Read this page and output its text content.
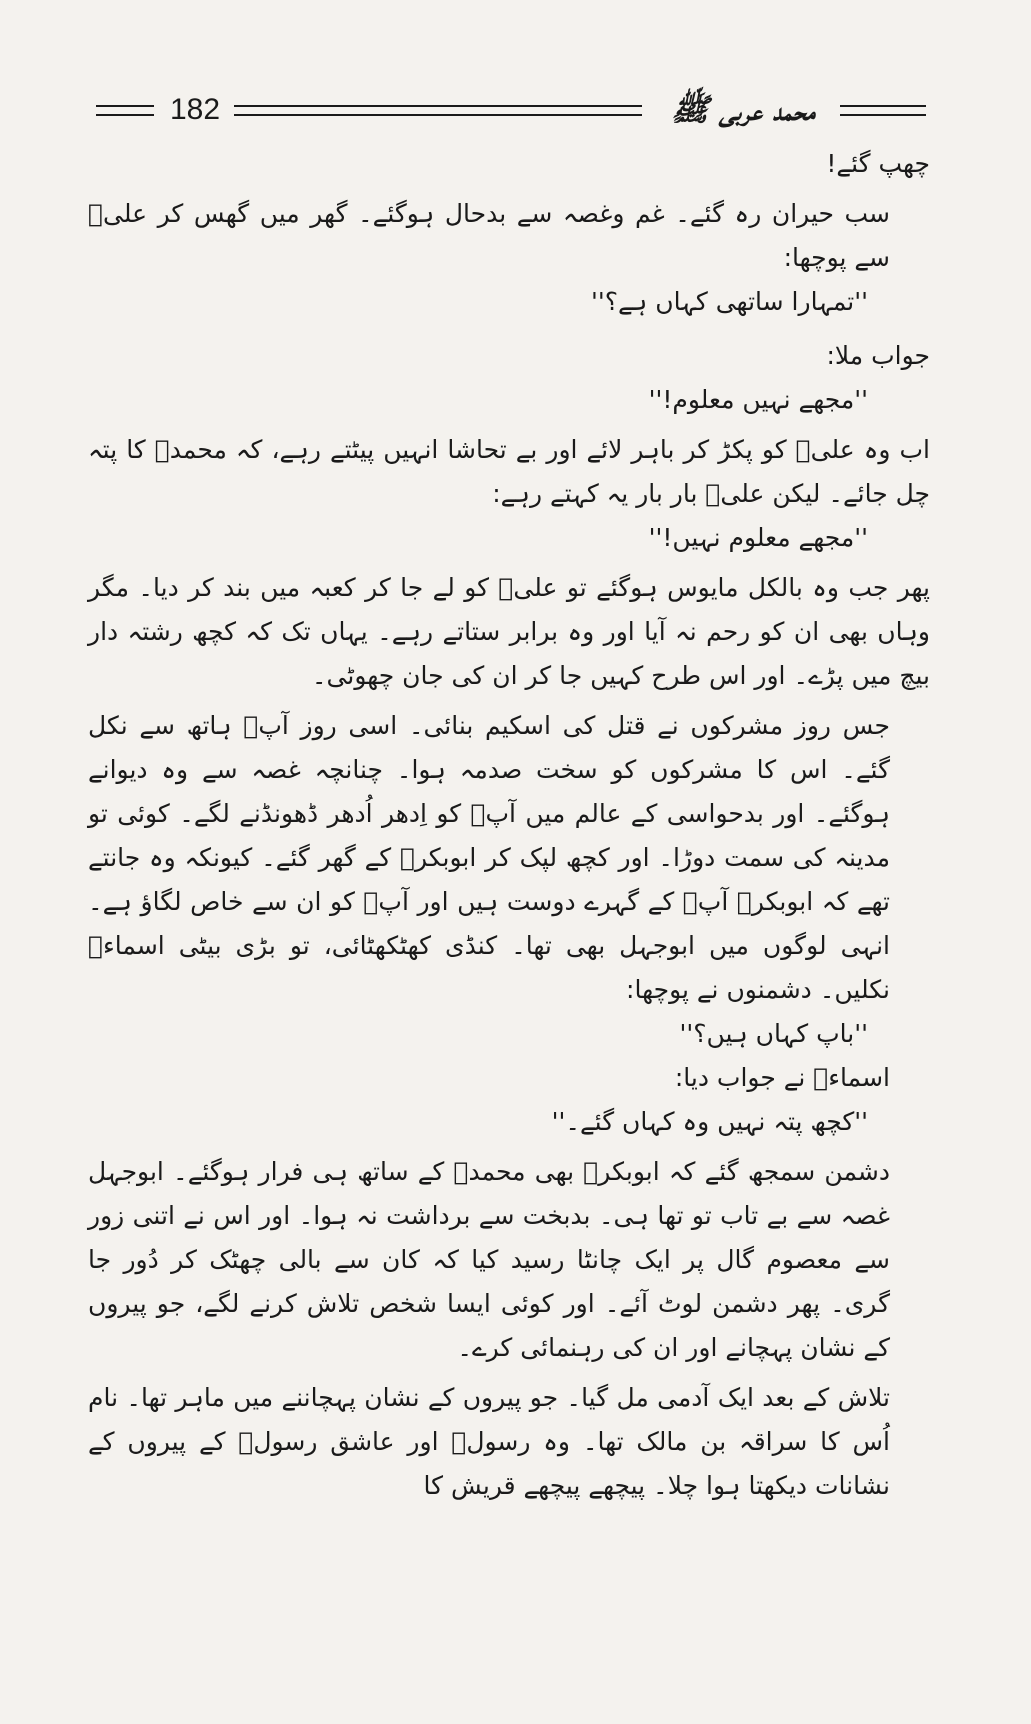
182	محمد عربی ﷺ

چھپ گئے!

سب حیران رہ گئے۔ غم وغصہ سے بدحال ہوگئے۔ گھر میں گھس کر علیؓ سے پوچھا:

''تمہارا ساتھی کہاں ہے؟''

جواب ملا:

''مجھے نہیں معلوم!''

اب وہ علیؓ کو پکڑ کر باہر لائے اور بے تحاشا انہیں پیٹتے رہے، کہ محمدؐ کا پتہ چل جائے۔ لیکن علیؓ بار بار یہ کہتے رہے:

''مجھے معلوم نہیں!''

پھر جب وہ بالکل مایوس ہوگئے تو علیؓ کو لے جا کر کعبہ میں بند کر دیا۔ مگر وہاں بھی ان کو رحم نہ آیا اور وہ برابر ستاتے رہے۔ یہاں تک کہ کچھ رشتہ دار بیچ میں پڑے۔ اور اس طرح کہیں جا کر ان کی جان چھوٹی۔

جس روز مشرکوں نے قتل کی اسکیم بنائی۔ اسی روز آپؐ ہاتھ سے نکل گئے۔ اس کا مشرکوں کو سخت صدمہ ہوا۔ چنانچہ غصہ سے وہ دیوانے ہوگئے۔ اور بدحواسی کے عالم میں آپؐ کو اِدھر اُدھر ڈھونڈنے لگے۔ کوئی تو مدینہ کی سمت دوڑا۔ اور کچھ لپک کر ابوبکرؓ کے گھر گئے۔ کیونکہ وہ جانتے تھے کہ ابوبکرؓ آپؐ کے گہرے دوست ہیں اور آپؐ کو ان سے خاص لگاؤ ہے۔ انہی لوگوں میں ابوجہل بھی تھا۔ کنڈی کھٹکھٹائی، تو بڑی بیٹی اسماءؓ نکلیں۔ دشمنوں نے پوچھا:

''باپ کہاں ہیں؟''

اسماءؓ نے جواب دیا:

''کچھ پتہ نہیں وہ کہاں گئے۔''

دشمن سمجھ گئے کہ ابوبکرؓ بھی محمدؐ کے ساتھ ہی فرار ہوگئے۔ ابوجہل غصہ سے بے تاب تو تھا ہی۔ بدبخت سے برداشت نہ ہوا۔ اور اس نے اتنی زور سے معصوم گال پر ایک چانٹا رسید کیا کہ کان سے بالی چھٹک کر دُور جا گری۔ پھر دشمن لوٹ آئے۔ اور کوئی ایسا شخص تلاش کرنے لگے، جو پیروں کے نشان پہچانے اور ان کی رہنمائی کرے۔

تلاش کے بعد ایک آدمی مل گیا۔ جو پیروں کے نشان پہچاننے میں ماہر تھا۔ نام اُس کا سراقہ بن مالک تھا۔ وہ رسولؐ اور عاشق رسولؐ کے پیروں کے نشانات دیکھتا ہوا چلا۔ پیچھے پیچھے قریش کا
